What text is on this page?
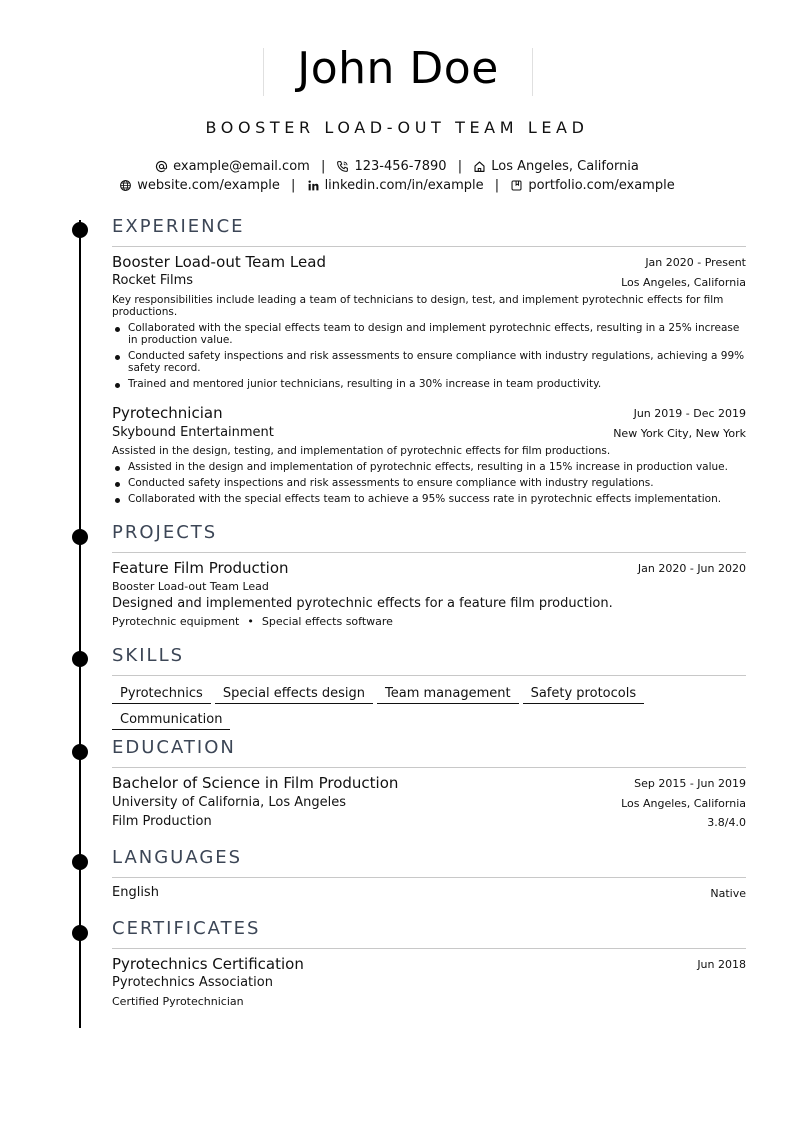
John Doe
BOOSTER LOAD-OUT TEAM LEAD
example@email.com | 123-456-7890 | Los Angeles, California
website.com/example | linkedin.com/in/example | portfolio.com/example
EXPERIENCE
Booster Load-out Team Lead	Jan 2020 - Present
Rocket Films	Los Angeles, California
Key responsibilities include leading a team of technicians to design, test, and implement pyrotechnic effects for film productions.
Collaborated with the special effects team to design and implement pyrotechnic effects, resulting in a 25% increase in production value.
Conducted safety inspections and risk assessments to ensure compliance with industry regulations, achieving a 99% safety record.
Trained and mentored junior technicians, resulting in a 30% increase in team productivity.
Pyrotechnician	Jun 2019 - Dec 2019
Skybound Entertainment	New York City, New York
Assisted in the design, testing, and implementation of pyrotechnic effects for film productions.
Assisted in the design and implementation of pyrotechnic effects, resulting in a 15% increase in production value.
Conducted safety inspections and risk assessments to ensure compliance with industry regulations.
Collaborated with the special effects team to achieve a 95% success rate in pyrotechnic effects implementation.
PROJECTS
Feature Film Production	Jan 2020 - Jun 2020
Booster Load-out Team Lead
Designed and implemented pyrotechnic effects for a feature film production.
Pyrotechnic equipment • Special effects software
SKILLS
Pyrotechnics Special effects design Team management Safety protocols
Communication
EDUCATION
Bachelor of Science in Film Production	Sep 2015 - Jun 2019
University of California, Los Angeles	Los Angeles, California
Film Production	3.8/4.0
LANGUAGES
English	Native
CERTIFICATES
Pyrotechnics Certification	Jun 2018
Pyrotechnics Association
Certified Pyrotechnician
